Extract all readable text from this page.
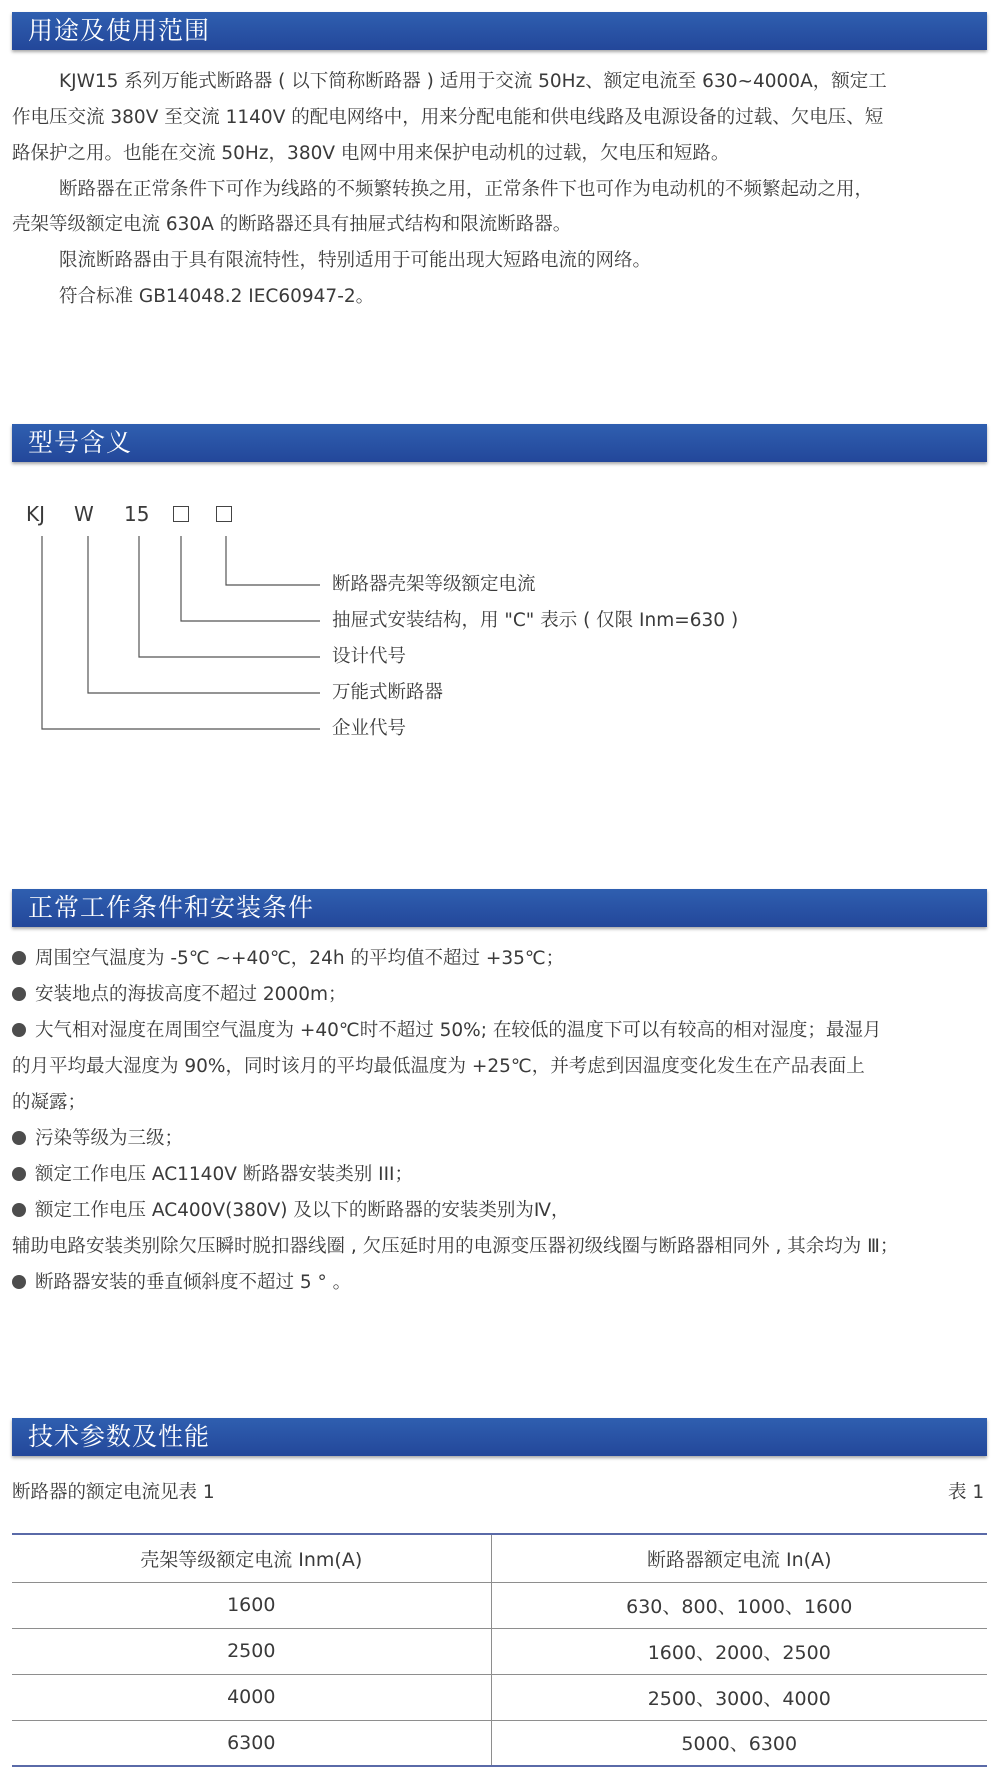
用途及使用范围

KJW15 系列万能式断路器 ( 以下简称断路器 ) 适用于交流 50Hz、额定电流至 630~4000A，额定工

作电压交流 380V 至交流 1140V 的配电网络中，用来分配电能和供电线路及电源设备的过载、欠电压、短

路保护之用。也能在交流 50Hz，380V 电网中用来保护电动机的过载，欠电压和短路。

断路器在正常条件下可作为线路的不频繁转换之用，正常条件下也可作为电动机的不频繁起动之用，

壳架等级额定电流 630A 的断路器还具有抽屉式结构和限流断路器。

限流断路器由于具有限流特性，特别适用于可能出现大短路电流的网络。

符合标准 GB14048.2 IEC60947-2。

型号含义
KJ W 15
断路器壳架等级额定电流
抽屉式安装结构，用 "C" 表示 ( 仅限 Inm=630 )
设计代号
万能式断路器
企业代号
正常工作条件和安装条件

周围空气温度为 -5℃ ~+40℃，24h 的平均值不超过 +35℃；

安装地点的海拔高度不超过 2000m；

大气相对湿度在周围空气温度为 +40℃时不超过 50%; 在较低的温度下可以有较高的相对湿度；最湿月

的月平均最大湿度为 90%，同时该月的平均最低温度为 +25℃，并考虑到因温度变化发生在产品表面上

的凝露；

污染等级为三级；

额定工作电压 AC1140V 断路器安装类别 III；

额定工作电压 AC400V(380V) 及以下的断路器的安装类别为Ⅳ，

辅助电路安装类别除欠压瞬时脱扣器线圈 , 欠压延时用的电源变压器初级线圈与断路器相同外 , 其余均为 Ⅲ；

断路器安装的垂直倾斜度不超过 5 ° 。

技术参数及性能
断路器的额定电流见表 1	表 1
壳架等级额定电流 Inm(A)	断路器额定电流 In(A)
1600	630、800、1000、1600
2500	1600、2000、2500
4000	2500、3000、4000
6300	5000、6300
